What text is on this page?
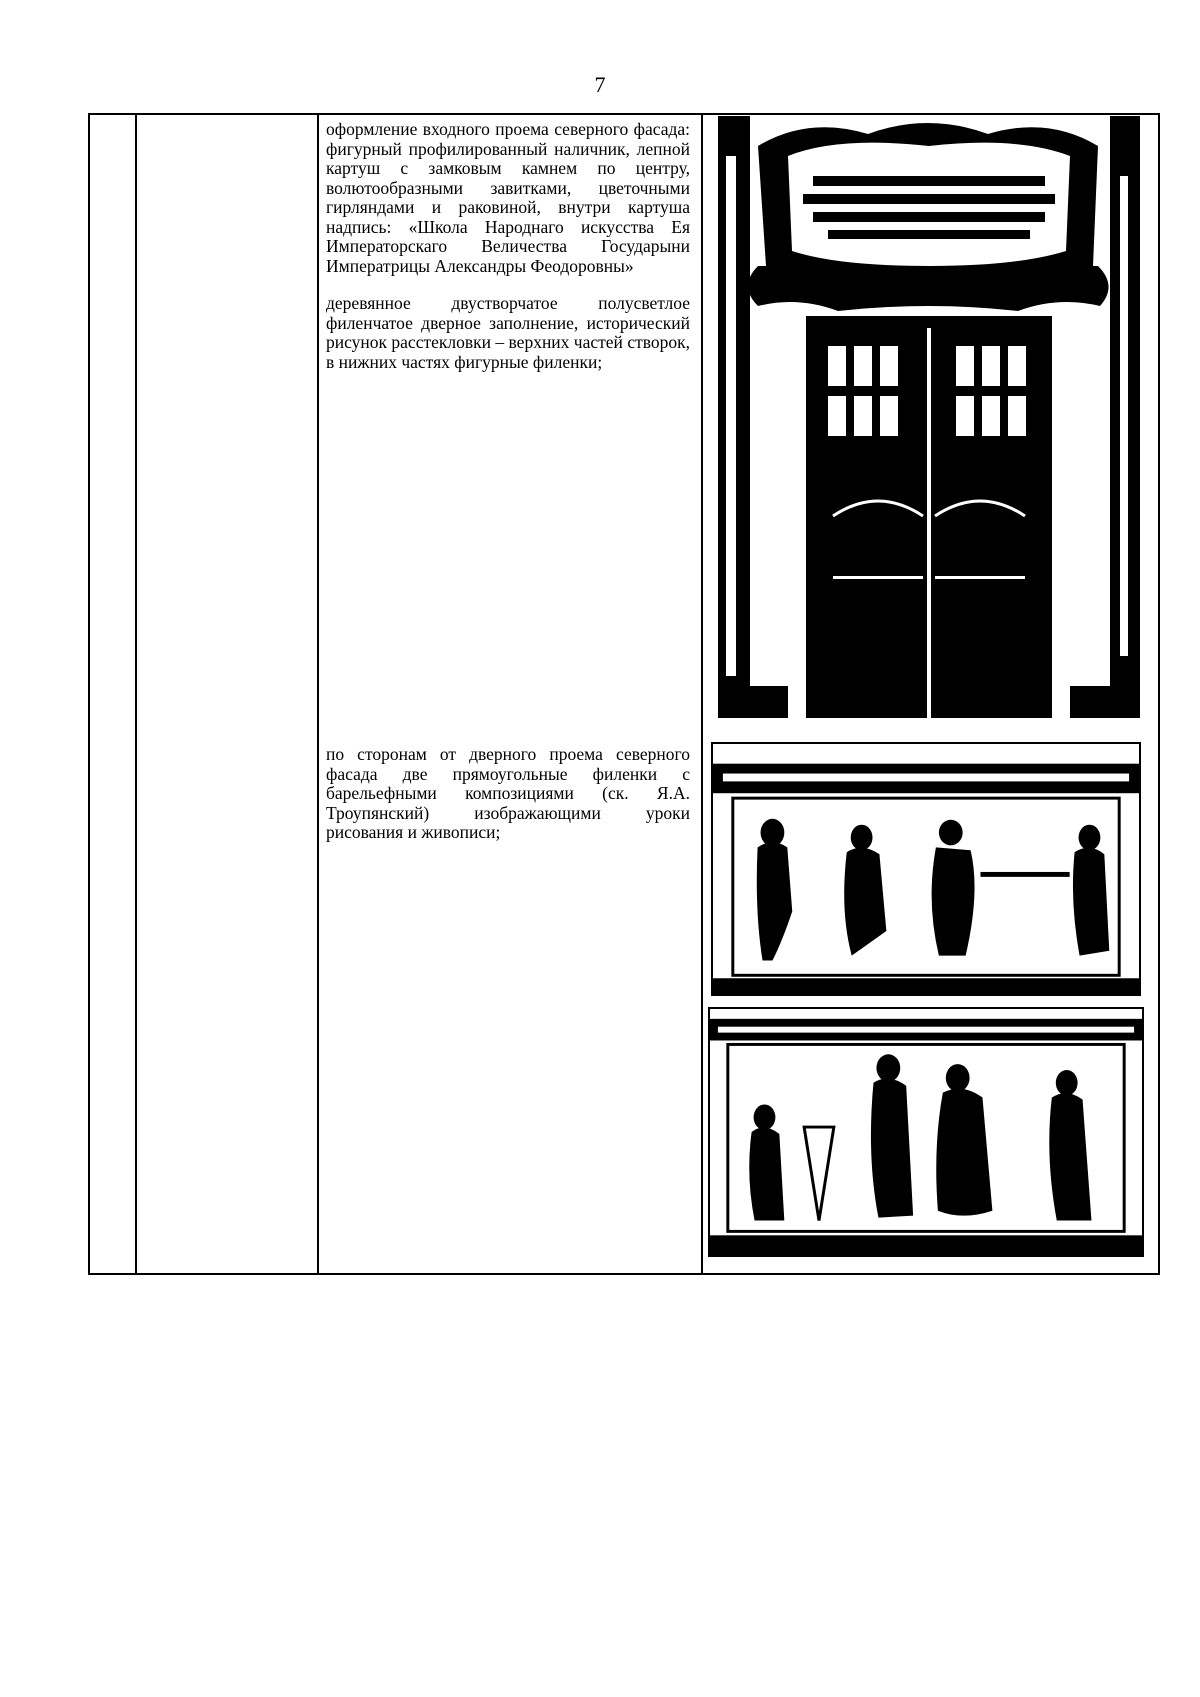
7
оформление входного проема северного фасада: фигурный профилированный наличник, лепной картуш с замковым камнем по центру, волютообразными завитками, цветочными гирляндами и раковиной, внутри картуша надпись: «Школа Народнаго искусства Ея Императорскаго Величества Государыни Императрицы Александры Феодоровны»
деревянное двустворчатое полусветлое филенчатое дверное заполнение, исторический рисунок расстекловки – верхних частей створок, в нижних частях фигурные филенки;
по сторонам от дверного проема северного фасада две прямоугольные филенки с барельефными композициями (ск. Я.А. Троупянский) изображающими уроки рисования и живописи;
